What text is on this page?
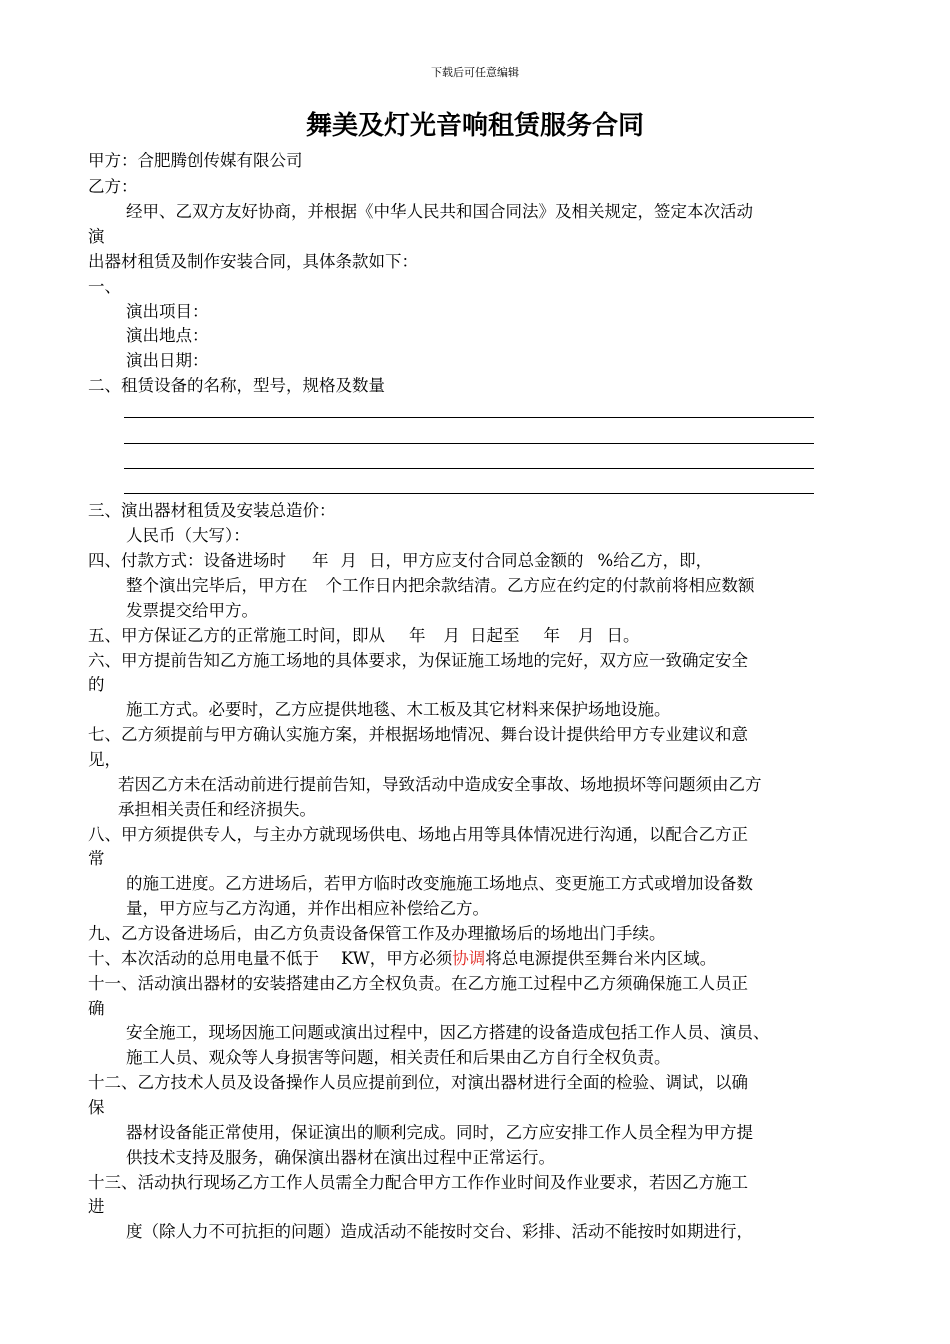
下载后可任意编辑
舞美及灯光音响租赁服务合同

甲方：合肥腾创传媒有限公司

乙方：

经甲、乙双方友好协商，并根据《中华人民共和国合同法》及相关规定，签定本次活动

演

出器材租赁及制作安装合同，具体条款如下：

一、

演出项目：

演出地点：

演出日期：

二、租赁设备的名称，型号，规格及数量

三、演出器材租赁及安装总造价：

人民币（大写）：

四、付款方式：设备进场时 年 月 日，甲方应支付合同总金额的 %给乙方，即，

整个演出完毕后，甲方在 个工作日内把余款结清。乙方应在约定的付款前将相应数额

发票提交给甲方。

五、甲方保证乙方的正常施工时间，即从 年 月 日起至 年 月 日。

六、甲方提前告知乙方施工场地的具体要求，为保证施工场地的完好，双方应一致确定安全

的

施工方式。必要时，乙方应提供地毯、木工板及其它材料来保护场地设施。

七、乙方须提前与甲方确认实施方案，并根据场地情况、舞台设计提供给甲方专业建议和意

见，

若因乙方未在活动前进行提前告知，导致活动中造成安全事故、场地损坏等问题须由乙方

承担相关责任和经济损失。

八、甲方须提供专人，与主办方就现场供电、场地占用等具体情况进行沟通，以配合乙方正

常

的施工进度。乙方进场后，若甲方临时改变施施工场地点、变更施工方式或增加设备数

量，甲方应与乙方沟通，并作出相应补偿给乙方。

九、乙方设备进场后，由乙方负责设备保管工作及办理撤场后的场地出门手续。

十、本次活动的总用电量不低于 KW，甲方必须协调将总电源提供至舞台米内区域。

十一、活动演出器材的安装搭建由乙方全权负责。在乙方施工过程中乙方须确保施工人员正

确

安全施工，现场因施工问题或演出过程中，因乙方搭建的设备造成包括工作人员、演员、

施工人员、观众等人身损害等问题，相关责任和后果由乙方自行全权负责。

十二、乙方技术人员及设备操作人员应提前到位，对演出器材进行全面的检验、调试，以确

保

器材设备能正常使用，保证演出的顺利完成。同时，乙方应安排工作人员全程为甲方提

供技术支持及服务，确保演出器材在演出过程中正常运行。

十三、活动执行现场乙方工作人员需全力配合甲方工作作业时间及作业要求，若因乙方施工

进

度（除人力不可抗拒的问题）造成活动不能按时交台、彩排、活动不能按时如期进行，
